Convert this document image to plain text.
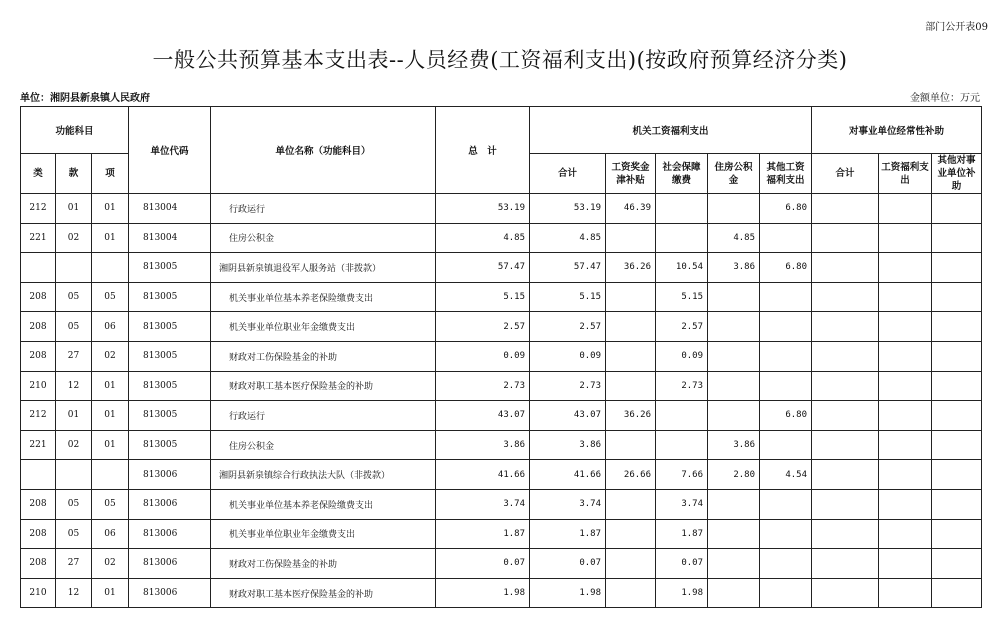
部门公开表09
一般公共预算基本支出表--人员经费(工资福利支出)(按政府预算经济分类)
单位：湘阴县新泉镇人民政府	金额单位：万元
功能科目			单位代码	单位名称（功能科目）	总　计	机关工资福利支出					对事业单位经常性补助		
类	款	项				合计	工资奖金津补贴	社会保障缴费	住房公积金	其他工资福利支出	合计	工资福利支出	其他对事业单位补助
212	01	01	813004	行政运行	53.19	53.19	46.39			6.80			
221	02	01	813004	住房公积金	4.85	4.85			4.85				
			813005	湘阴县新泉镇退役军人服务站（非拨款）	57.47	57.47	36.26	10.54	3.86	6.80			
208	05	05	813005	机关事业单位基本养老保险缴费支出	5.15	5.15		5.15					
208	05	06	813005	机关事业单位职业年金缴费支出	2.57	2.57		2.57					
208	27	02	813005	财政对工伤保险基金的补助	0.09	0.09		0.09					
210	12	01	813005	财政对职工基本医疗保险基金的补助	2.73	2.73		2.73					
212	01	01	813005	行政运行	43.07	43.07	36.26			6.80			
221	02	01	813005	住房公积金	3.86	3.86			3.86				
			813006	湘阴县新泉镇综合行政执法大队（非拨款）	41.66	41.66	26.66	7.66	2.80	4.54			
208	05	05	813006	机关事业单位基本养老保险缴费支出	3.74	3.74		3.74					
208	05	06	813006	机关事业单位职业年金缴费支出	1.87	1.87		1.87					
208	27	02	813006	财政对工伤保险基金的补助	0.07	0.07		0.07					
210	12	01	813006	财政对职工基本医疗保险基金的补助	1.98	1.98		1.98					
